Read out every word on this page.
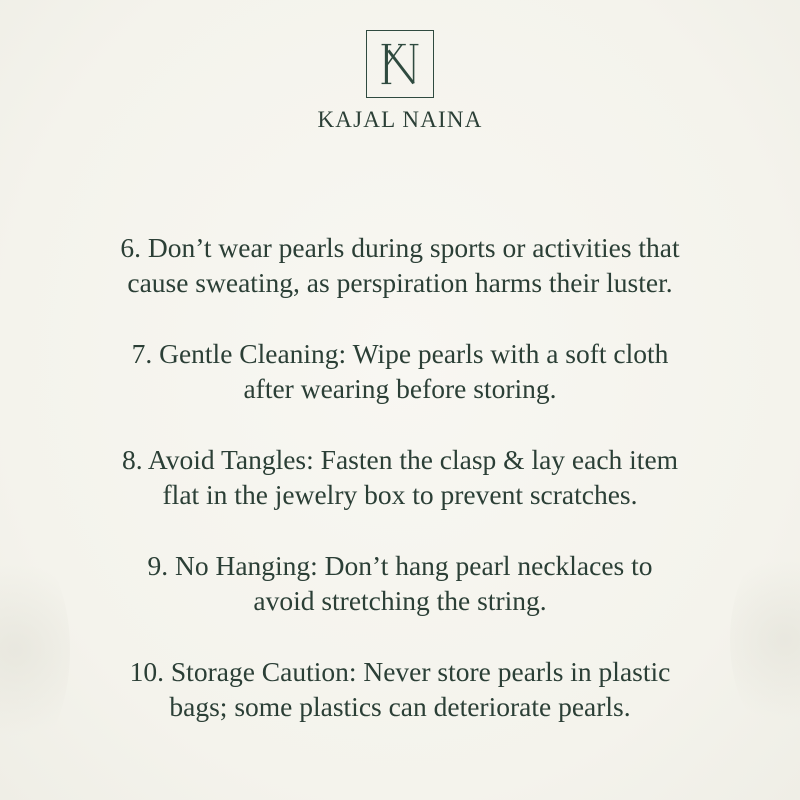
KAJAL NAINA

6. Don’t wear pearls during sports or activities that
cause sweating, as perspiration harms their luster.

7. Gentle Cleaning: Wipe pearls with a soft cloth
after wearing before storing.

8. Avoid Tangles: Fasten the clasp & lay each item
flat in the jewelry box to prevent scratches.

9. No Hanging: Don’t hang pearl necklaces to
avoid stretching the string.

10. Storage Caution: Never store pearls in plastic
bags; some plastics can deteriorate pearls.
